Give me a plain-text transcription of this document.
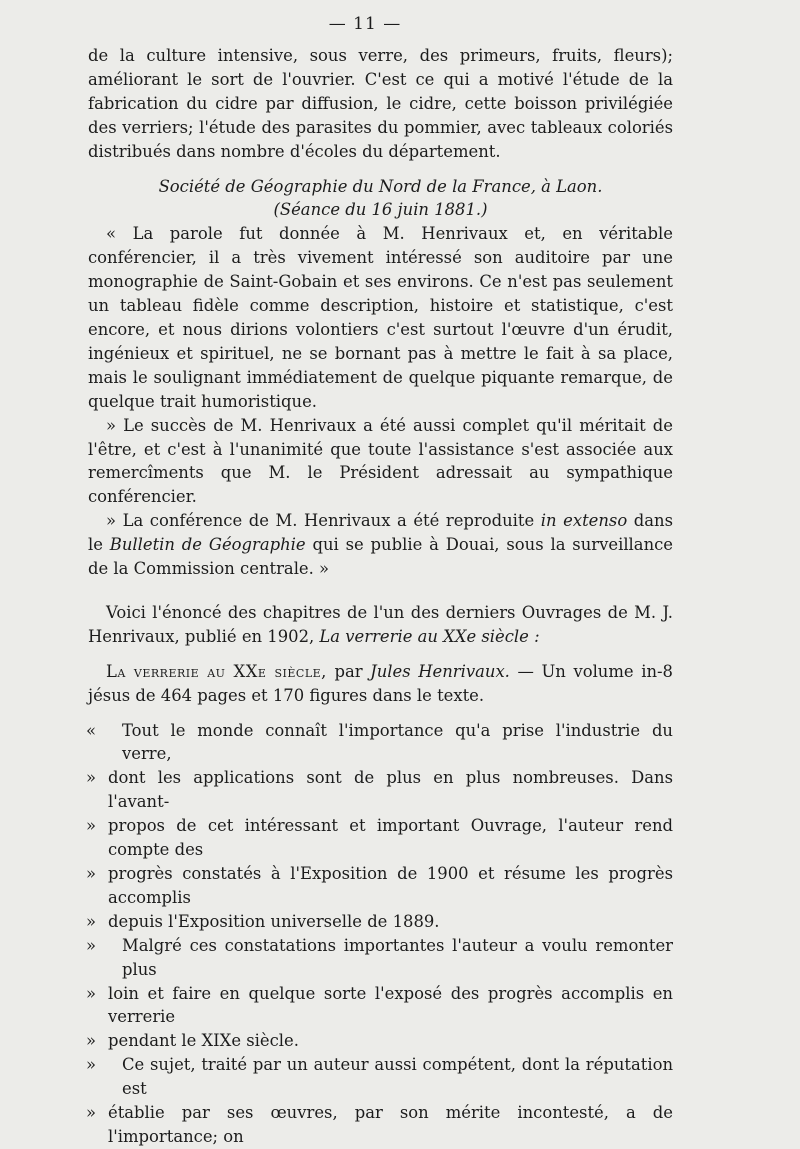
— 11 —

de la culture intensive, sous verre, des primeurs, fruits, fleurs); améliorant le sort de l'ouvrier. C'est ce qui a motivé l'étude de la fabrication du cidre par diffusion, le cidre, cette boisson privilégiée des verriers; l'étude des parasites du pommier, avec tableaux coloriés distribués dans nombre d'écoles du département.

Société de Géographie du Nord de la France, à Laon.
(Séance du 16 juin 1881.)

« La parole fut donnée à M. Henrivaux et, en véritable conférencier, il a très vivement intéressé son auditoire par une monographie de Saint-Gobain et ses environs. Ce n'est pas seulement un tableau fidèle comme description, histoire et statistique, c'est encore, et nous dirions volontiers c'est surtout l'œuvre d'un érudit, ingénieux et spirituel, ne se bornant pas à mettre le fait à sa place, mais le soulignant immédiatement de quelque piquante remarque, de quelque trait humoristique.

» Le succès de M. Henrivaux a été aussi complet qu'il méritait de l'être, et c'est à l'unanimité que toute l'assistance s'est associée aux remercîments que M. le Président adressait au sympathique conférencier.

» La conférence de M. Henrivaux a été reproduite in extenso dans le Bulletin de Géographie qui se publie à Douai, sous la surveillance de la Commission centrale. »

Voici l'énoncé des chapitres de l'un des derniers Ouvrages de M. J. Henrivaux, publié en 1902, La verrerie au XXe siècle :

La verrerie au XXe siècle, par Jules Henrivaux. — Un volume in-8 jésus de 464 pages et 170 figures dans le texte.

«	Tout le monde connaît l'importance qu'a prise l'industrie du verre,

» dont les applications sont de plus en plus nombreuses. Dans l'avant-

» propos de cet intéressant et important Ouvrage, l'auteur rend compte des

» progrès constatés à l'Exposition de 1900 et résume les progrès accomplis

» depuis l'Exposition universelle de 1889.

»	Malgré ces constatations importantes l'auteur a voulu remonter plus

» loin et faire en quelque sorte l'exposé des progrès accomplis en verrerie

» pendant le XIXe siècle.

»	Ce sujet, traité par un auteur aussi compétent, dont la réputation est

» établie par ses œuvres, par son mérite incontesté, a de l'importance; on
